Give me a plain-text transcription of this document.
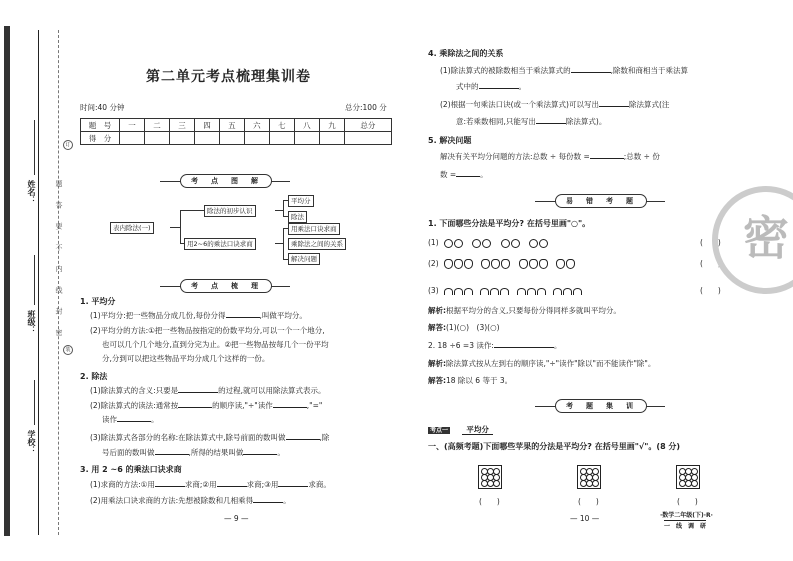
姓名：
班级：
学校：
题 答 要 不 内 线 封 密
订
装
第二单元考点梳理集训卷
时间:40 分钟	总分:100 分
题　号	一	二	三	四	五	六	七	八	九	总分
得　分										
考　点　图　解
表内除法(一)
除法的初步认识
用2~6的乘法口诀求商
平均分
除法
用乘法口诀求商
乘除法之间的关系
解决问题
考　点　梳　理
1. 平均分
(1)平均分:把一些物品分成几份,每份分得	,叫做平均分。
(2)平均分的方法:①把一些物品按指定的份数平均分,可以一个一个地分,
也可以几个几个地分,直到分完为止。②把一些物品按每几个一份平均
分,分到可以把这些物品平均分成几个这样的一份。
2. 除法
(1)除法算式的含义:只要是	的过程,就可以用除法算式表示。
(2)除法算式的读法:通常按	的顺序读,"÷"读作	,"="
读作	。
(3)除法算式各部分的名称:在除法算式中,除号前面的数叫做	,除
号后面的数叫做	,所得的结果叫做	。
3. 用 2 ~6 的乘法口诀求商
(1)求商的方法:①用	求商;②用	求商;③用	求商。
(2)用乘法口诀求商的方法:先想被除数和几相乘得	。
— 9 —
4. 乘除法之间的关系
(1)除法算式的被除数相当于乘法算式的	,除数和商相当于乘法算
式中的	。
(2)根据一句乘法口诀(或一个乘法算式)可以写出	除法算式(注
意:若乘数相同,只能写出	除法算式)。
5. 解决问题
解决有关平均分问题的方法:总数 ÷ 每份数 =	;总数 ÷ 份
数 =	。
易　错　考　题
1. 下面哪些分法是平均分? 在括号里画"○"。
(1)	(　　)
(2)	(　　)
(3)	(　　)
解析:根据平均分的含义,只要每份分得同样多就叫平均分。
解答:(1)(○)　(3)(○)
2. 18 ÷6 =3 读作:	。
解析:除法算式按从左到右的顺序读,"÷"读作"除以"而不能读作"除"。
解答:18 除以 6 等于 3。
考　题　集　训
考点一 平均分
一、(高频考题)下面哪些苹果的分法是平均分? 在括号里画"√"。(8 分)
(　　)	(　　)	(　　)
— 10 —	·数学二年级(下)·R·
一　线　调　研
密
